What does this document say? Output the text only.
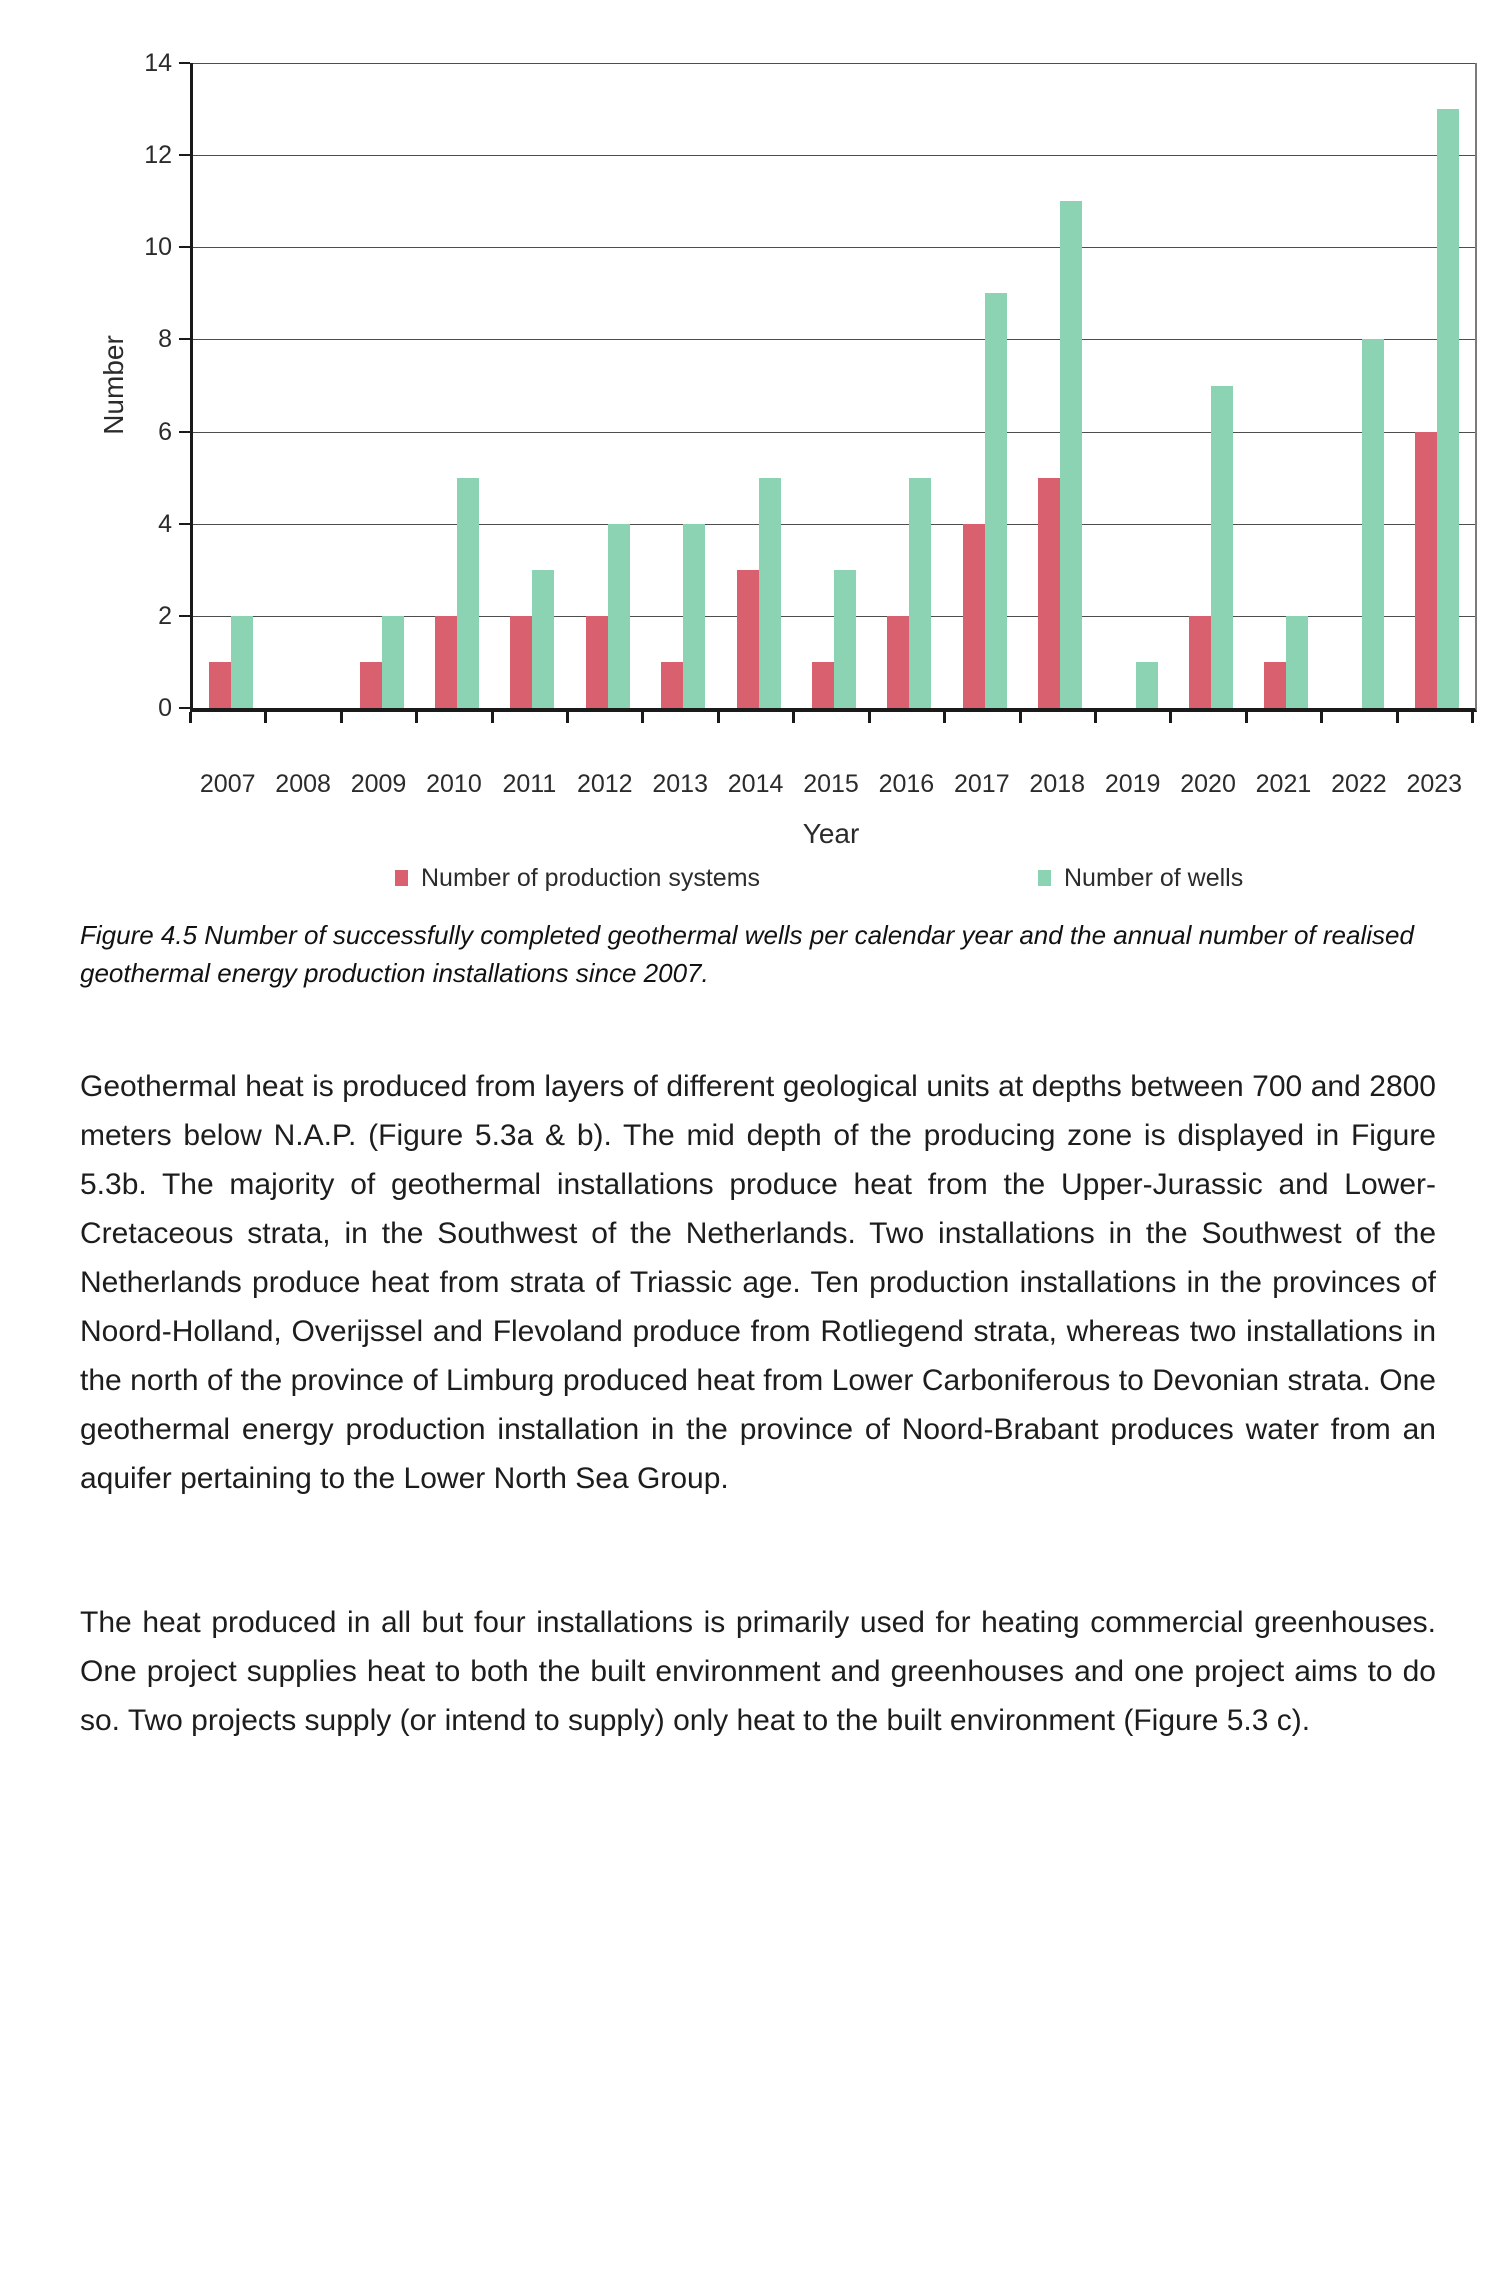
Number
0
2
4
6
8
10
12
14
2007 2008 2009 2010 2011 2012 2013 2014 2015 2016 2017 2018 2019 2020 2021 2022 2023
Year
Number of production systems	Number of wells

Figure 4.5 Number of successfully completed geothermal wells per calendar year and the annual number of realised geothermal energy production installations since 2007.

Geothermal heat is produced from layers of different geological units at depths between 700 and 2800 meters below N.A.P. (Figure 5.3a & b). The mid depth of the producing zone is displayed in Figure 5.3b. The majority of geothermal installations produce heat from the Upper-Jurassic and Lower-Cretaceous strata, in the Southwest of the Netherlands. Two installations in the Southwest of the Netherlands produce heat from strata of Triassic age. Ten production installations in the provinces of Noord-Holland, Overijssel and Flevoland produce from Rotliegend strata, whereas two installations in the north of the province of Limburg produced heat from Lower Carboniferous to Devonian strata. One geothermal energy production installation in the province of Noord-Brabant produces water from an aquifer pertaining to the Lower North Sea Group.

The heat produced in all but four installations is primarily used for heating commercial greenhouses. One project supplies heat to both the built environment and greenhouses and one project aims to do so. Two projects supply (or intend to supply) only heat to the built environment (Figure 5.3 c).
